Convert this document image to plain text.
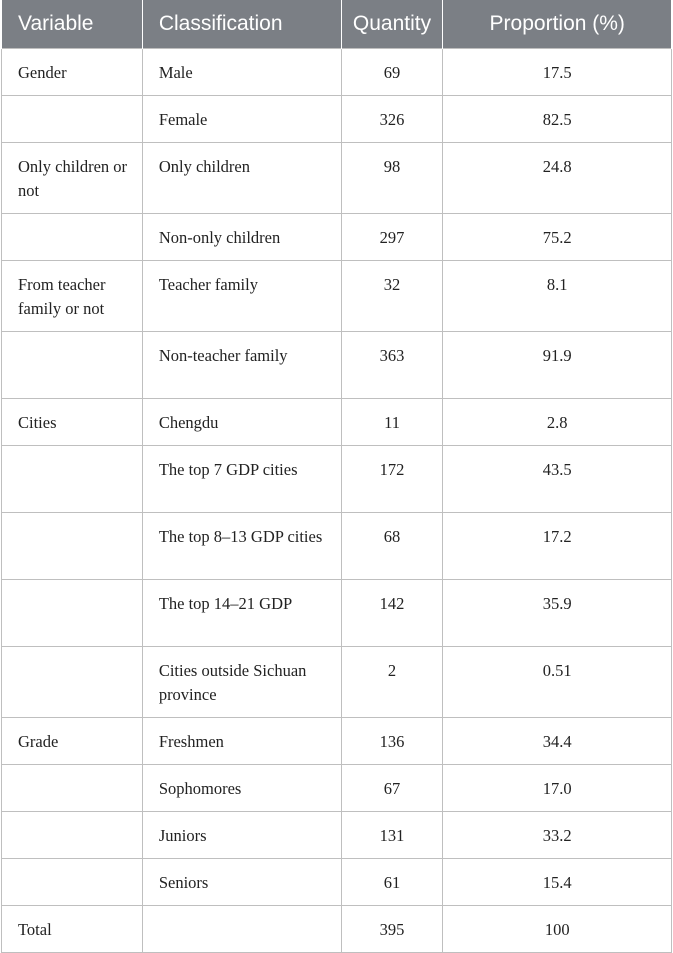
Variable	Classification	Quantity	Proportion (%)
Gender	Male	69	17.5
	Female	326	82.5
Only children or not	Only children	98	24.8
	Non-only children	297	75.2
From teacher family or not	Teacher family	32	8.1
	Non-teacher family	363	91.9
Cities	Chengdu	11	2.8
	The top 7 GDP cities	172	43.5
	The top 8–13 GDP cities	68	17.2
	The top 14–21 GDP	142	35.9
	Cities outside Sichuan province	2	0.51
Grade	Freshmen	136	34.4
	Sophomores	67	17.0
	Juniors	131	33.2
	Seniors	61	15.4
Total		395	100
